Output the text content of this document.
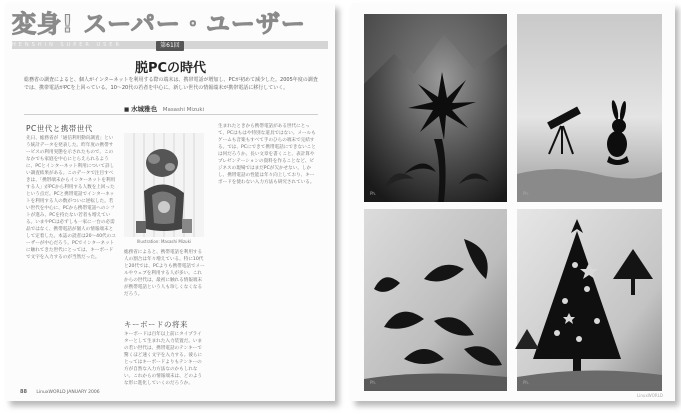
変身! スーパー・ユーザー
HENSHIN SUPER USER	第61回
脱PCの時代
総務省の調査によると、個人がインターネットを利用する際の端末は、携帯電話が増加し、PCが初めて減少した。2005年度の調査では、携帯電話がPCを上回っている。10〜20代の若者を中心に、新しい世代の情報端末が携帯電話に移行していく。
■ 水城雅也 Masashi Mizuki
PC世代と携帯世代

先日、総務省が「通信利用動向調査」という統計データを発表した。昨年度の携帯サービスの利用実態を示されたもので、このなかでも家庭を中心にとらえられるように、PCとインターネット利用について詳しい調査結果がある。このデータで注目すべきは、「携帯端末からインターネットを利用する人」がPCから利用する人数を上回ったという点だ。PCと携帯電話でインターネットを利用する人の数がついに逆転した。若い世代を中心に、PCから携帯電話へのシフトが進み、PCを持たない若者も増えている。いまやPCは必ずしも一家に一台の必需品ではなく、携帯電話が個人の情報端末として定着した。本誌の読者は20〜40代のユーザーが中心だろう。PCでインターネットに触れてきた世代にとっては、キーボードで文字を入力するのが当然だった。

Illustration: Masashi Mizuki

総務省によると、携帯電話を利用する人の割合は年々増えている。特に10代と20代では、PCよりも携帯電話でメールやウェブを利用する人が多い。これからの世代は、最初に触れる情報端末が携帯電話という人も珍しくなくなるだろう。

キーボードの将来

キーボードは百年以上前にタイプライターとして生まれた入力装置だ。いまの若い世代は、携帯電話のテンキーで驚くほど速く文字を入力する。彼らにとってはキーボードよりもテンキーの方が自然な入力方法なのかもしれない。これからの情報端末は、どのような形に進化していくのだろうか。

生まれたときから携帯電話がある世代にとって、PCはもはや特別な道具ではない。メールもゲームも音楽もすべて手のひらの端末で完結する。では、PCにできて携帯電話にできないことは何だろうか。長い文章を書くこと、表計算やプレゼンテーションの資料を作ることなど、ビジネスの現場ではまだPCが欠かせない。しかし、携帯電話の性能は年々向上しており、キーボードを使わない入力方法も研究されている。

88 LinuxWORLD JANUARY 2006
Ph.	Ph.
Ph.	Ph.
LinuxWORLD
